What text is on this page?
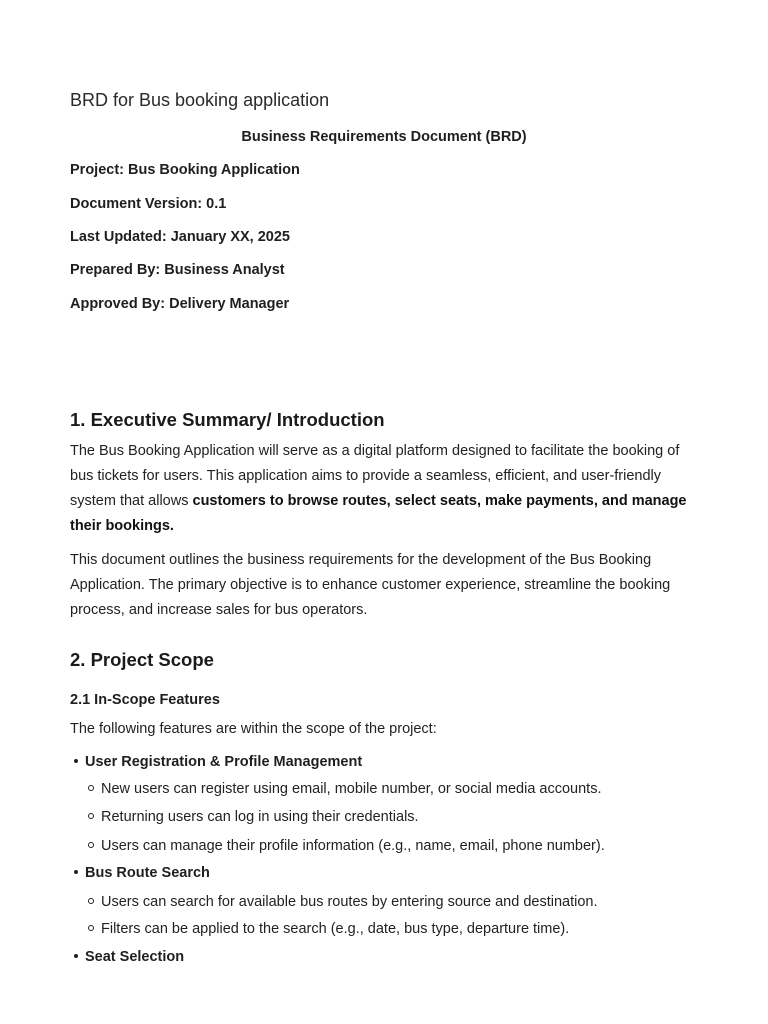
BRD for Bus booking application
Business Requirements Document (BRD)
Project: Bus Booking Application
Document Version: 0.1
Last Updated: January XX, 2025
Prepared By: Business Analyst
Approved By: Delivery Manager
1. Executive Summary/ Introduction
The Bus Booking Application will serve as a digital platform designed to facilitate the booking of
bus tickets for users. This application aims to provide a seamless, efficient, and user-friendly
system that allows customers to browse routes, select seats, make payments, and manage
their bookings.
This document outlines the business requirements for the development of the Bus Booking
Application. The primary objective is to enhance customer experience, streamline the booking
process, and increase sales for bus operators.
2. Project Scope
2.1 In-Scope Features
The following features are within the scope of the project:
User Registration & Profile Management
New users can register using email, mobile number, or social media accounts.
Returning users can log in using their credentials.
Users can manage their profile information (e.g., name, email, phone number).
Bus Route Search
Users can search for available bus routes by entering source and destination.
Filters can be applied to the search (e.g., date, bus type, departure time).
Seat Selection
